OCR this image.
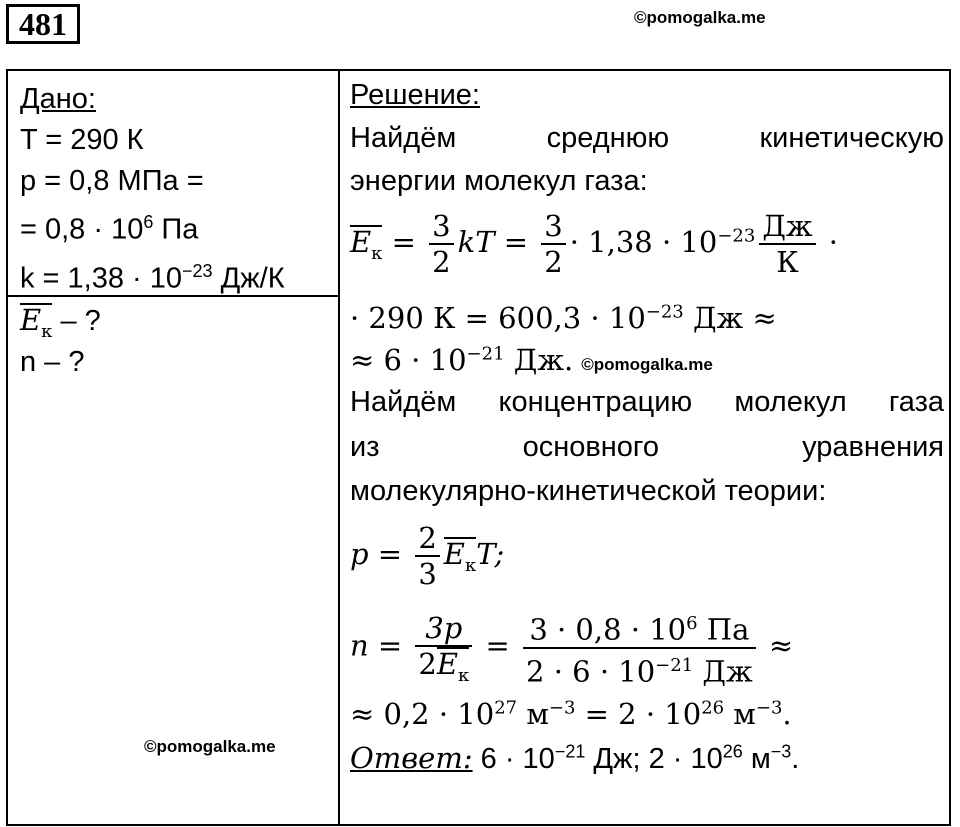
481	©pomogalka.me
Дано:
T = 290 К
p = 0,8 МПа =
= $0,8 \cdot 10^6$ Па
$k = 1,38 \cdot 10^{-23}$ Дж/К
$E_к$ – ?
n – ?
©pomogalka.me
Решение:
Найдём среднюю кинетическую
энергии молекул газа:
$E_к = \frac{3}{2}$ kT = $\frac{3}{2} \cdot 1,38 \cdot 10^{-23} \frac{Дж}{К}$ ·
· 290 $К = 600,3 \cdot 10^{-23}$ Дж ≈
≈ $6 \cdot 10^{-21}$ Дж. ©pomogalka.me
Найдём концентрацию молекул газа
из основного уравнения
молекулярно-кинетической теории:
$p = \frac{2}{3} E_кT$;
$n = \frac{3p}{2E_к} = \frac{3 \cdot 0,8 \cdot 10^6 Па}{2 \cdot 6 \cdot 10^{-21} Дж}$ ≈
≈ $0,2 \cdot 10^{27}$ $м^{-3} = 2 \cdot 10^{26}$ $м^{-3}$.
Ответ: $6 \cdot 10^{-21}$ Дж; $2 \cdot 10^{26}$ $м^{-3}$.
